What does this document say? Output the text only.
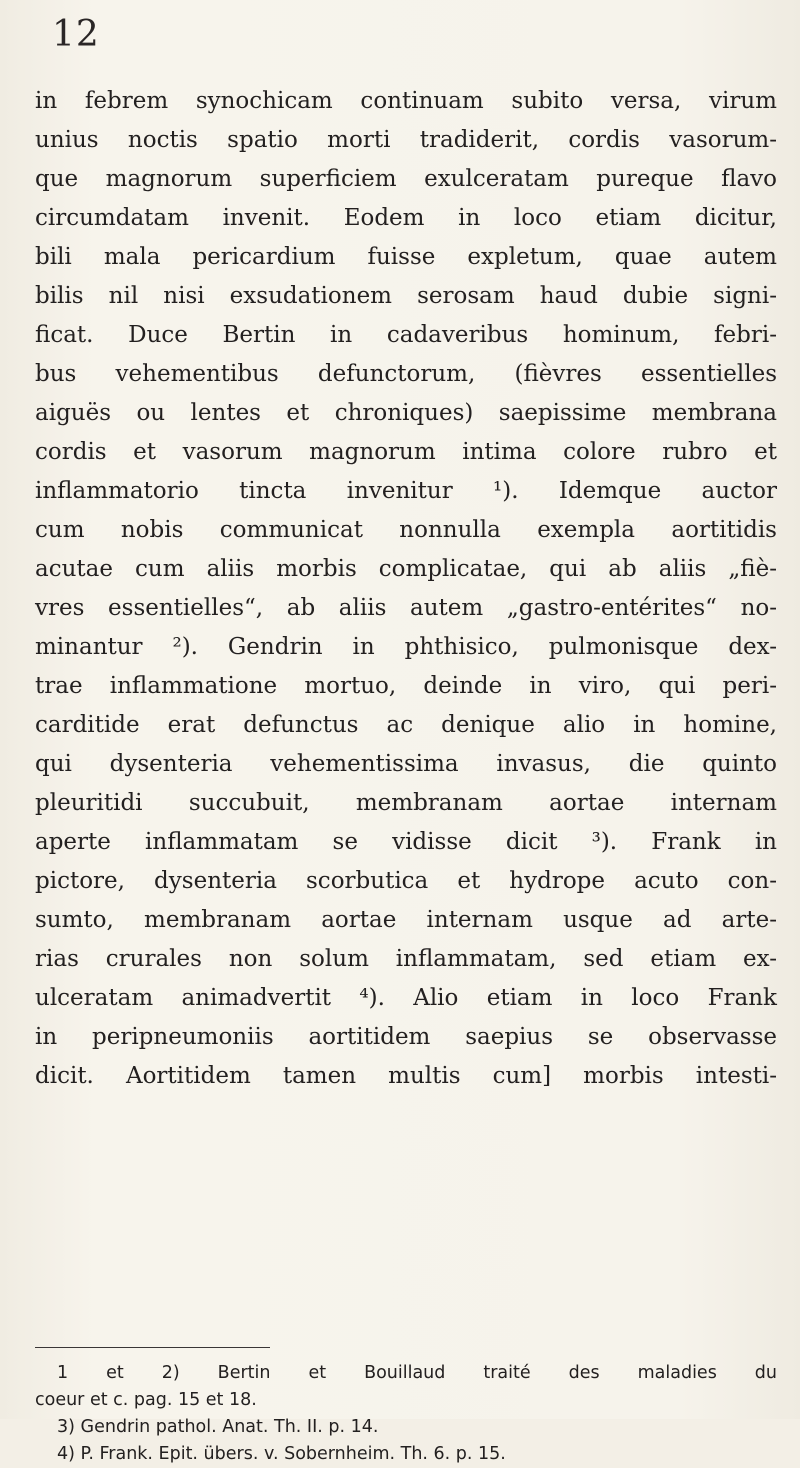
12
in febrem synochicam continuam subito versa, virum
unius noctis spatio morti tradiderit, cordis vasorum-
que magnorum superficiem exulceratam pureque flavo
circumdatam invenit. Eodem in loco etiam dicitur,
bili mala pericardium fuisse expletum, quae autem
bilis nil nisi exsudationem serosam haud dubie signi-
ficat. Duce Bertin in cadaveribus hominum, febri-
bus vehementibus defunctorum, (fièvres essentielles
aiguës ou lentes et chroniques) saepissime membrana
cordis et vasorum magnorum intima colore rubro et
inflammatorio tincta invenitur ¹). Idemque auctor
cum nobis communicat nonnulla exempla aortitidis
acutae cum aliis morbis complicatae, qui ab aliis „fiè-
vres essentielles“, ab aliis autem „gastro-entérites“ no-
minantur ²). Gendrin in phthisico, pulmonisque dex-
trae inflammatione mortuo, deinde in viro, qui peri-
carditide erat defunctus ac denique alio in homine,
qui dysenteria vehementissima invasus, die quinto
pleuritidi succubuit, membranam aortae internam
aperte inflammatam se vidisse dicit ³). Frank in
pictore, dysenteria scorbutica et hydrope acuto con-
sumto, membranam aortae internam usque ad arte-
rias crurales non solum inflammatam, sed etiam ex-
ulceratam animadvertit ⁴). Alio etiam in loco Frank
in peripneumoniis aortitidem saepius se observasse
dicit. Aortitidem tamen multis cum] morbis intesti-
1 et 2) Bertin et Bouillaud traité des maladies du
coeur et c. pag. 15 et 18.
3) Gendrin pathol. Anat. Th. II. p. 14.
4) P. Frank. Epit. übers. v. Sobernheim. Th. 6. p. 15.
